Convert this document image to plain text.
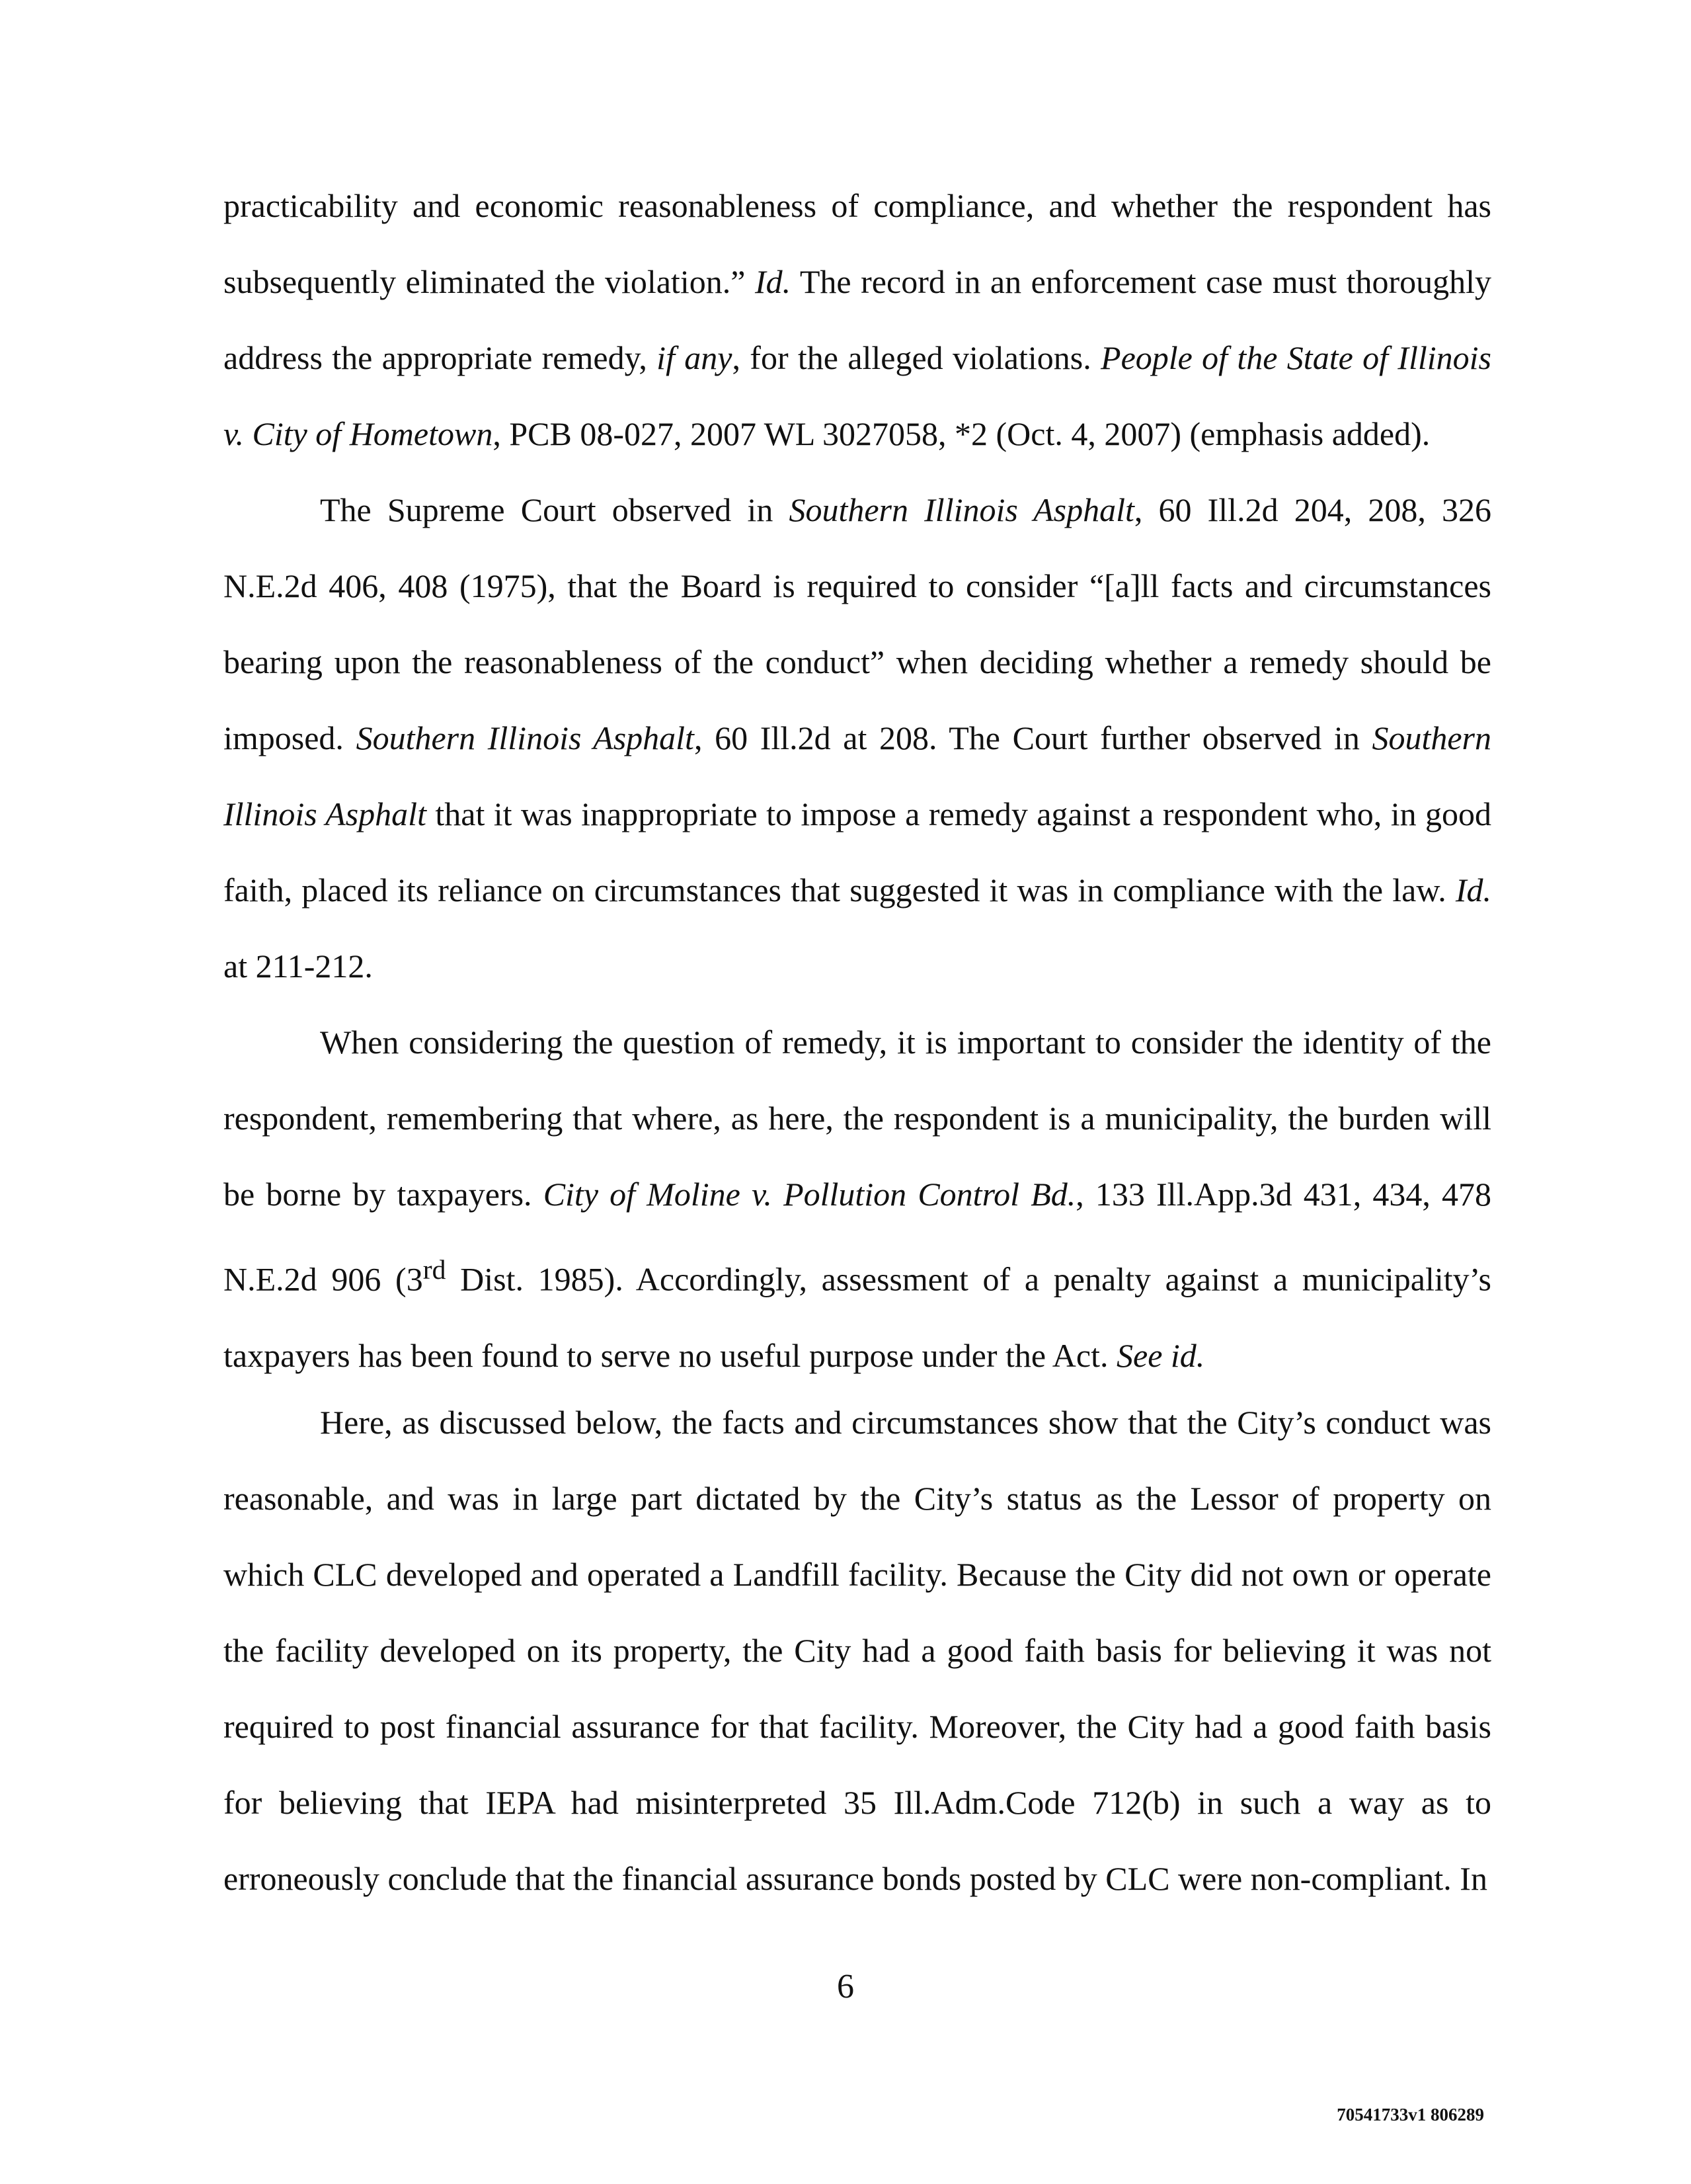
practicability and economic reasonableness of compliance, and whether the respondent has subsequently eliminated the violation.” Id. The record in an enforcement case must thoroughly address the appropriate remedy, if any, for the alleged violations. People of the State of Illinois v. City of Hometown, PCB 08-027, 2007 WL 3027058, *2 (Oct. 4, 2007) (emphasis added).

The Supreme Court observed in Southern Illinois Asphalt, 60 Ill.2d 204, 208, 326 N.E.2d 406, 408 (1975), that the Board is required to consider “[a]ll facts and circumstances bearing upon the reasonableness of the conduct” when deciding whether a remedy should be imposed. Southern Illinois Asphalt, 60 Ill.2d at 208. The Court further observed in Southern Illinois Asphalt that it was inappropriate to impose a remedy against a respondent who, in good faith, placed its reliance on circumstances that suggested it was in compliance with the law. Id. at 211-212.

When considering the question of remedy, it is important to consider the identity of the respondent, remembering that where, as here, the respondent is a municipality, the burden will be borne by taxpayers. City of Moline v. Pollution Control Bd., 133 Ill.App.3d 431, 434, 478 N.E.2d 906 (3rd Dist. 1985). Accordingly, assessment of a penalty against a municipality’s taxpayers has been found to serve no useful purpose under the Act. See id.

Here, as discussed below, the facts and circumstances show that the City’s conduct was reasonable, and was in large part dictated by the City’s status as the Lessor of property on which CLC developed and operated a Landfill facility. Because the City did not own or operate the facility developed on its property, the City had a good faith basis for believing it was not required to post financial assurance for that facility. Moreover, the City had a good faith basis for believing that IEPA had misinterpreted 35 Ill.Adm.Code 712(b) in such a way as to erroneously conclude that the financial assurance bonds posted by CLC were non-compliant. In

6

70541733v1 806289
